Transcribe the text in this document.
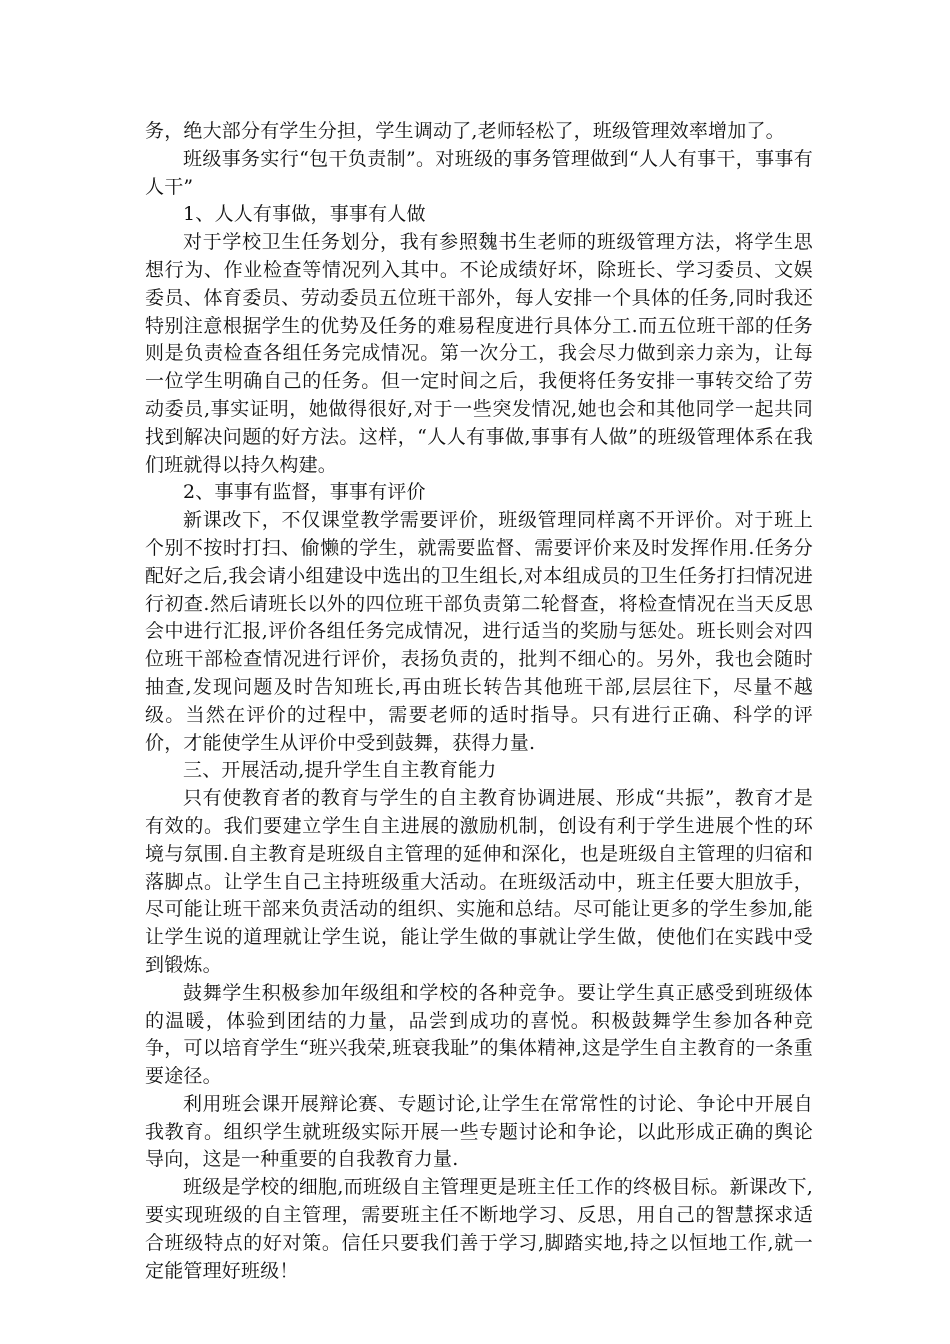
务，绝大部分有学生分担，学生调动了,老师轻松了，班级管理效率增加了。

班级事务实行“包干负责制”。对班级的事务管理做到“人人有事干，事事有人干”

1、人人有事做，事事有人做

对于学校卫生任务划分，我有参照魏书生老师的班级管理方法，将学生思想行为、作业检查等情况列入其中。不论成绩好坏，除班长、学习委员、文娱委员、体育委员、劳动委员五位班干部外，每人安排一个具体的任务,同时我还特别注意根据学生的优势及任务的难易程度进行具体分工.而五位班干部的任务则是负责检查各组任务完成情况。第一次分工，我会尽力做到亲力亲为，让每一位学生明确自己的任务。但一定时间之后，我便将任务安排一事转交给了劳动委员,事实证明，她做得很好,对于一些突发情况,她也会和其他同学一起共同找到解决问题的好方法。这样，“人人有事做,事事有人做”的班级管理体系在我们班就得以持久构建。

2、事事有监督，事事有评价

新课改下，不仅课堂教学需要评价，班级管理同样离不开评价。对于班上个别不按时打扫、偷懒的学生，就需要监督、需要评价来及时发挥作用.任务分配好之后,我会请小组建设中选出的卫生组长,对本组成员的卫生任务打扫情况进行初查.然后请班长以外的四位班干部负责第二轮督查，将检查情况在当天反思会中进行汇报,评价各组任务完成情况，进行适当的奖励与惩处。班长则会对四位班干部检查情况进行评价，表扬负责的，批判不细心的。另外，我也会随时抽查,发现问题及时告知班长,再由班长转告其他班干部,层层往下，尽量不越级。当然在评价的过程中，需要老师的适时指导。只有进行正确、科学的评价，才能使学生从评价中受到鼓舞，获得力量.

三、开展活动,提升学生自主教育能力

只有使教育者的教育与学生的自主教育协调进展、形成“共振”，教育才是有效的。我们要建立学生自主进展的激励机制，创设有利于学生进展个性的环境与氛围.自主教育是班级自主管理的延伸和深化，也是班级自主管理的归宿和落脚点。让学生自己主持班级重大活动。在班级活动中，班主任要大胆放手，尽可能让班干部来负责活动的组织、实施和总结。尽可能让更多的学生参加,能让学生说的道理就让学生说，能让学生做的事就让学生做，使他们在实践中受到锻炼。

鼓舞学生积极参加年级组和学校的各种竞争。要让学生真正感受到班级体的温暖，体验到团结的力量，品尝到成功的喜悦。积极鼓舞学生参加各种竞争，可以培育学生“班兴我荣,班衰我耻”的集体精神,这是学生自主教育的一条重要途径。

利用班会课开展辩论赛、专题讨论,让学生在常常性的讨论、争论中开展自我教育。组织学生就班级实际开展一些专题讨论和争论，以此形成正确的舆论导向，这是一种重要的自我教育力量.

班级是学校的细胞,而班级自主管理更是班主任工作的终极目标。新课改下,要实现班级的自主管理，需要班主任不断地学习、反思，用自己的智慧探求适合班级特点的好对策。信任只要我们善于学习,脚踏实地,持之以恒地工作,就一定能管理好班级！
